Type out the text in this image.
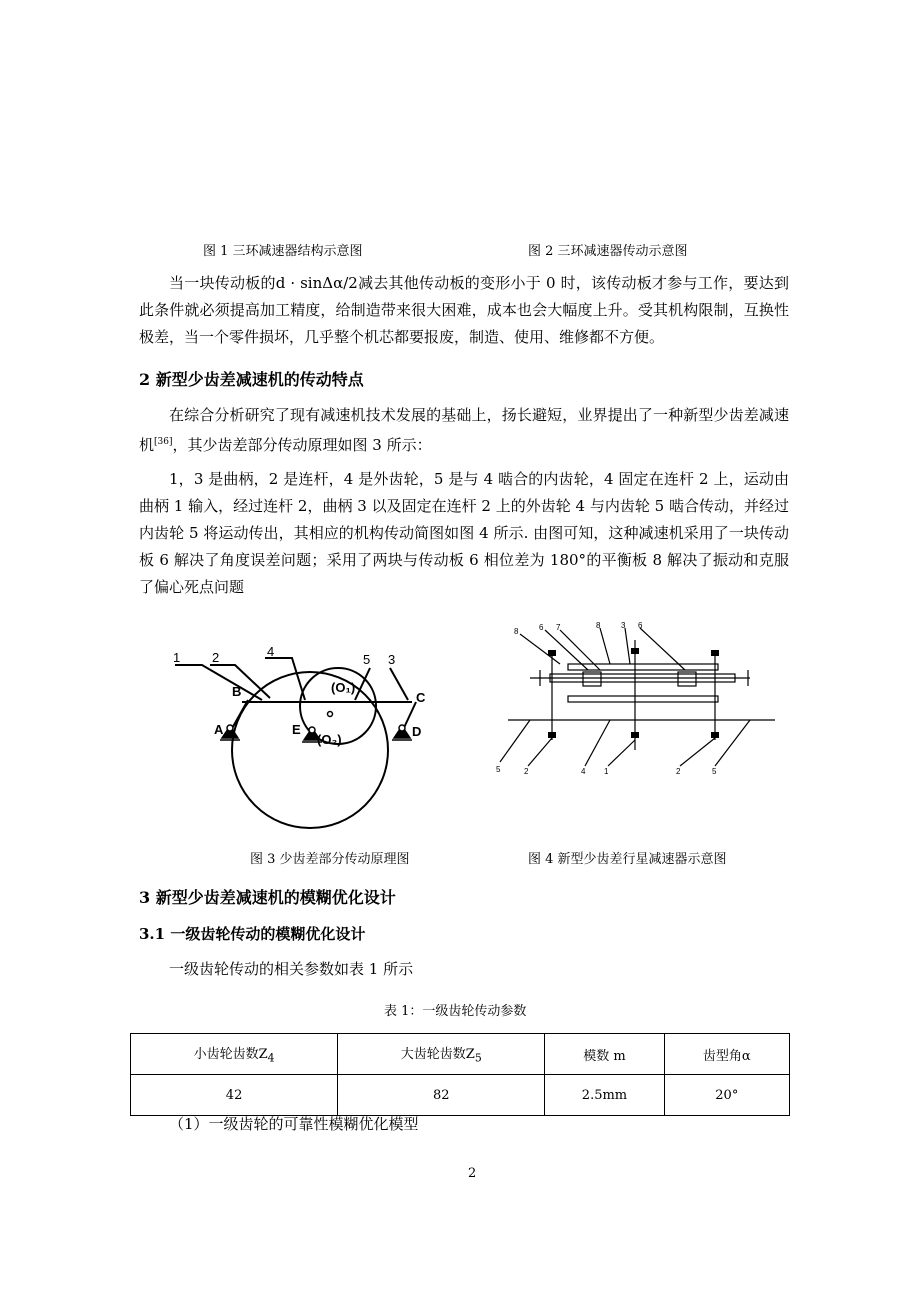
图 1 三环减速器结构示意图	图 2 三环减速器传动示意图
当一块传动板的d · sinΔα/2减去其他传动板的变形小于 0 时，该传动板才参与工作，要达到此条件就必须提高加工精度，给制造带来很大困难，成本也会大幅度上升。受其机构限制，互换性极差，当一个零件损坏，几乎整个机芯都要报废，制造、使用、维修都不方便。
2 新型少齿差减速机的传动特点
在综合分析研究了现有减速机技术发展的基础上，扬长避短，业界提出了一种新型少齿差减速机[36]，其少齿差部分传动原理如图 3 所示：
1，3 是曲柄，2 是连杆，4 是外齿轮，5 是与 4 啮合的内齿轮，4 固定在连杆 2 上，运动由曲柄 1 输入，经过连杆 2，曲柄 3 以及固定在连杆 2 上的外齿轮 4 与内齿轮 5 啮合传动，并经过内齿轮 5 将运动传出，其相应的机构传动简图如图 4 所示. 由图可知，这种减速机采用了一块传动板 6 解决了角度误差问题；采用了两块与传动板 6 相位差为 180°的平衡板 8 解决了振动和克服了偏心死点问题
1 2	4
5 3
B
A
C
D
E
(O₁)
(O₂)
8	6 7	8	3 6
5	2	4 1	2	5
图 3 少齿差部分传动原理图	图 4 新型少齿差行星减速器示意图
3 新型少齿差减速机的模糊优化设计
3.1 一级齿轮传动的模糊优化设计
一级齿轮传动的相关参数如表 1 所示
表 1：一级齿轮传动参数
小齿轮齿数$Z_4$	大齿轮齿数$Z_5$	模数 m	齿型角α
42	82	2.5mm	20°
（1）一级齿轮的可靠性模糊优化模型
2
